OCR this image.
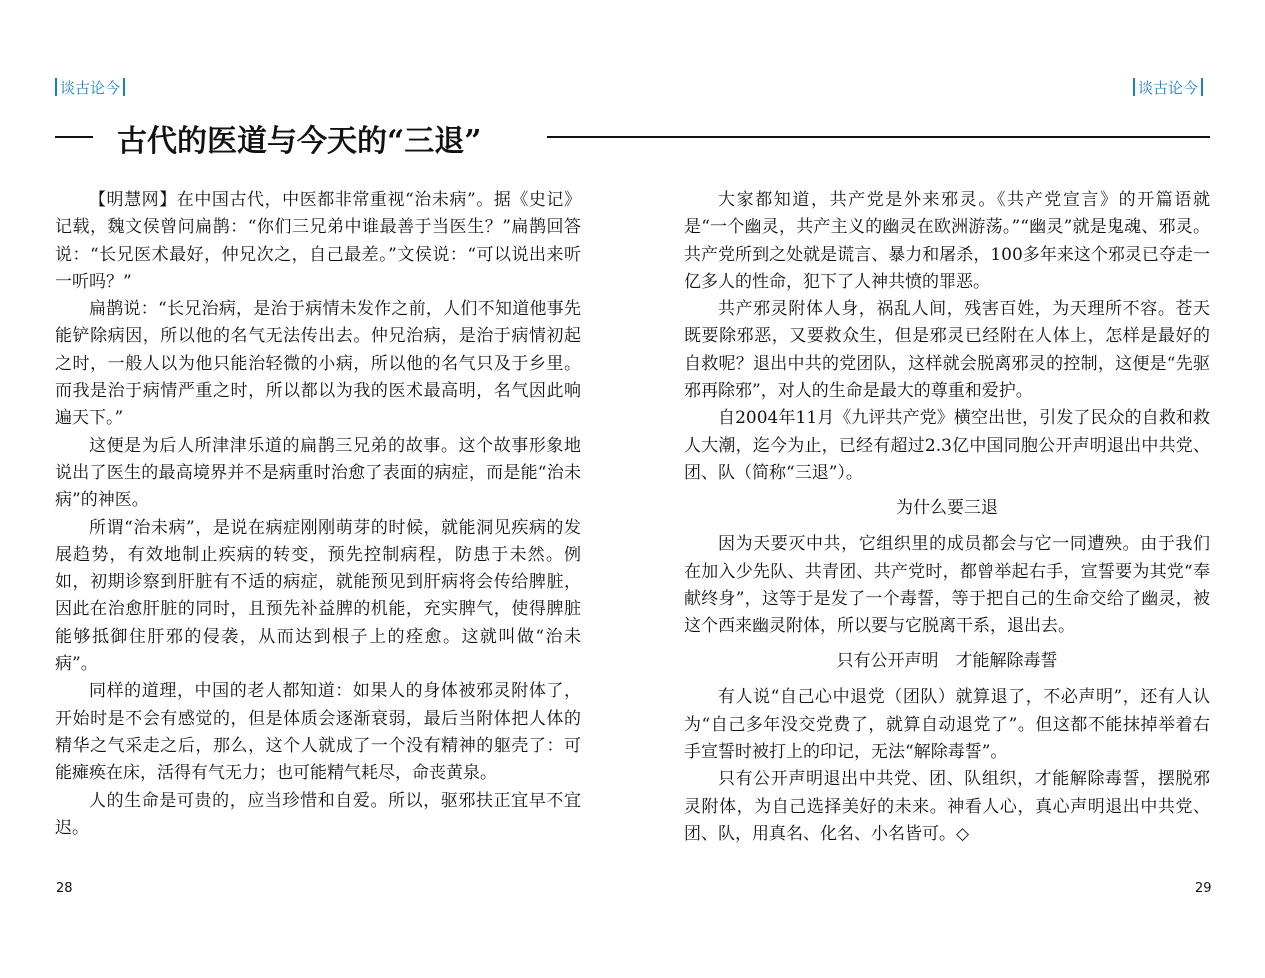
谈古论今	谈古论今
古代的医道与今天的“三退”

【明慧网】在中国古代，中医都非常重视“治未病”。据《史记》记载，魏文侯曾问扁鹊：“你们三兄弟中谁最善于当医生？”扁鹊回答说：“长兄医术最好，仲兄次之，自己最差。”文侯说：“可以说出来听一听吗？”

扁鹊说：“长兄治病，是治于病情未发作之前，人们不知道他事先能铲除病因，所以他的名气无法传出去。仲兄治病，是治于病情初起之时，一般人以为他只能治轻微的小病，所以他的名气只及于乡里。而我是治于病情严重之时，所以都以为我的医术最高明，名气因此响遍天下。”

这便是为后人所津津乐道的扁鹊三兄弟的故事。这个故事形象地说出了医生的最高境界并不是病重时治愈了表面的病症，而是能“治未病”的神医。

所谓“治未病”，是说在病症刚刚萌芽的时候，就能洞见疾病的发展趋势，有效地制止疾病的转变，预先控制病程，防患于未然。例如，初期诊察到肝脏有不适的病症，就能预见到肝病将会传给脾脏，因此在治愈肝脏的同时，且预先补益脾的机能，充实脾气，使得脾脏能够抵御住肝邪的侵袭，从而达到根子上的痊愈。这就叫做“治未病”。

同样的道理，中国的老人都知道：如果人的身体被邪灵附体了，开始时是不会有感觉的，但是体质会逐渐衰弱，最后当附体把人体的精华之气采走之后，那么，这个人就成了一个没有精神的躯壳了：可能瘫痪在床，活得有气无力；也可能精气耗尽，命丧黄泉。

人的生命是可贵的，应当珍惜和自爱。所以，驱邪扶正宜早不宜迟。

大家都知道，共产党是外来邪灵。《共产党宣言》的开篇语就是“一个幽灵，共产主义的幽灵在欧洲游荡。”“幽灵”就是鬼魂、邪灵。共产党所到之处就是谎言、暴力和屠杀，100多年来这个邪灵已夺走一亿多人的性命，犯下了人神共愤的罪恶。

共产邪灵附体人身，祸乱人间，残害百姓，为天理所不容。苍天既要除邪恶，又要救众生，但是邪灵已经附在人体上，怎样是最好的自救呢？退出中共的党团队，这样就会脱离邪灵的控制，这便是“先驱邪再除邪”，对人的生命是最大的尊重和爱护。

自2004年11月《九评共产党》横空出世，引发了民众的自救和救人大潮，迄今为止，已经有超过2.3亿中国同胞公开声明退出中共党、团、队（简称“三退”）。

为什么要三退

因为天要灭中共，它组织里的成员都会与它一同遭殃。由于我们在加入少先队、共青团、共产党时，都曾举起右手，宣誓要为其党“奉献终身”，这等于是发了一个毒誓，等于把自己的生命交给了幽灵，被这个西来幽灵附体，所以要与它脱离干系，退出去。

只有公开声明　才能解除毒誓

有人说“自己心中退党（团队）就算退了，不必声明”，还有人认为“自己多年没交党费了，就算自动退党了”。但这都不能抹掉举着右手宣誓时被打上的印记，无法“解除毒誓”。

只有公开声明退出中共党、团、队组织，才能解除毒誓，摆脱邪灵附体，为自己选择美好的未来。神看人心，真心声明退出中共党、团、队，用真名、化名、小名皆可。◇

28	29
